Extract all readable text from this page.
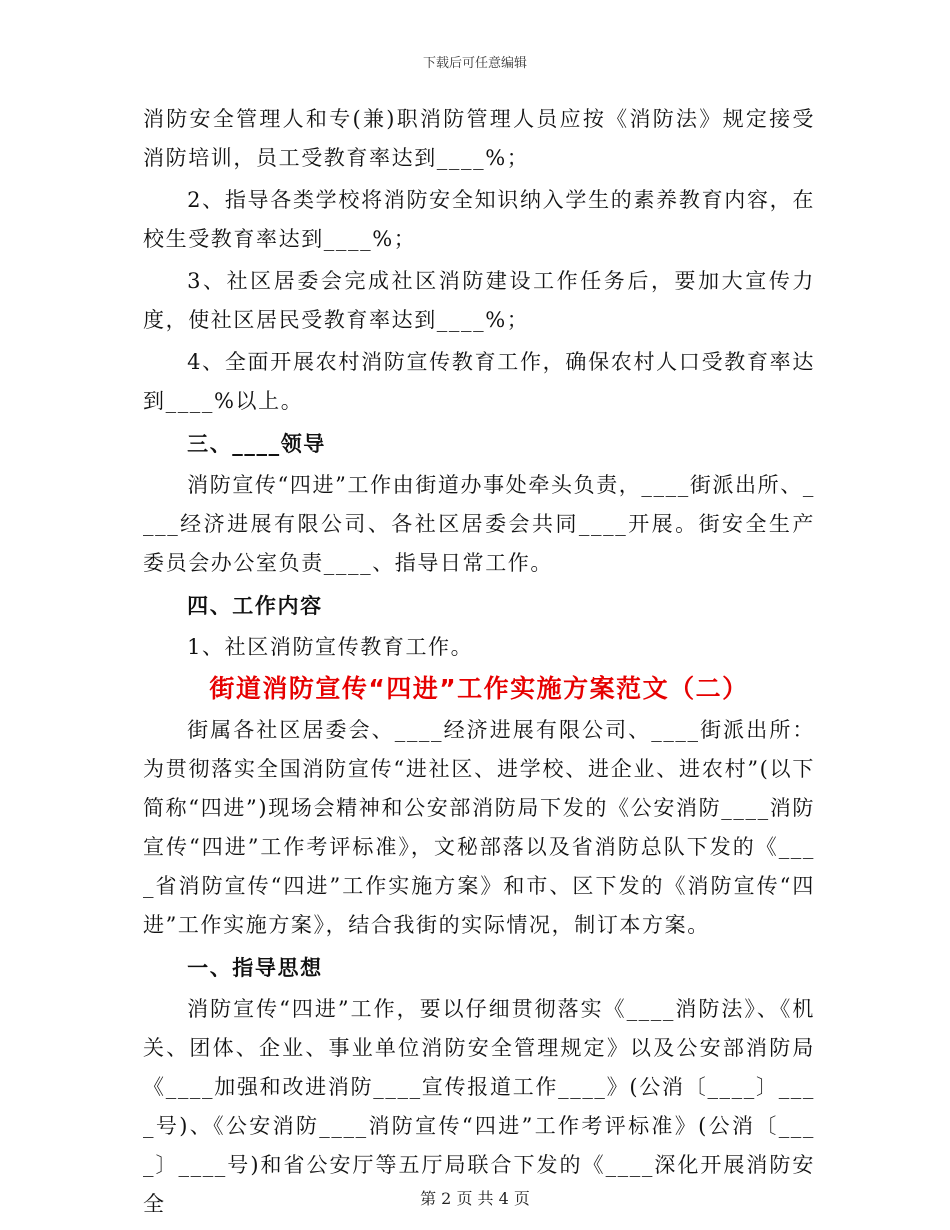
下载后可任意编辑

消防安全管理人和专(兼)职消防管理人员应按《消防法》规定接受消防培训，员工受教育率达到____%；

2、指导各类学校将消防安全知识纳入学生的素养教育内容，在校生受教育率达到____%；

3、社区居委会完成社区消防建设工作任务后，要加大宣传力度，使社区居民受教育率达到____%；

4、全面开展农村消防宣传教育工作，确保农村人口受教育率达到____%以上。

三、____领导

消防宣传“四进”工作由街道办事处牵头负责，____街派出所、____经济进展有限公司、各社区居委会共同____开展。街安全生产委员会办公室负责____、指导日常工作。

四、工作内容

1、社区消防宣传教育工作。

街道消防宣传“四进”工作实施方案范文（二）

街属各社区居委会、____经济进展有限公司、____街派出所：为贯彻落实全国消防宣传“进社区、进学校、进企业、进农村”(以下简称“四进”)现场会精神和公安部消防局下发的《公安消防____消防宣传“四进”工作考评标准》，文秘部落以及省消防总队下发的《____省消防宣传“四进”工作实施方案》和市、区下发的《消防宣传“四进”工作实施方案》，结合我街的实际情况，制订本方案。

一、指导思想

消防宣传“四进”工作，要以仔细贯彻落实《____消防法》、《机关、团体、企业、事业单位消防安全管理规定》以及公安部消防局《____加强和改进消防____宣传报道工作____》(公消〔____〕____号)、《公安消防____消防宣传“四进”工作考评标准》(公消〔____〕____号)和省公安厅等五厅局联合下发的《____深化开展消防安全	第 2 页 共 4 页
